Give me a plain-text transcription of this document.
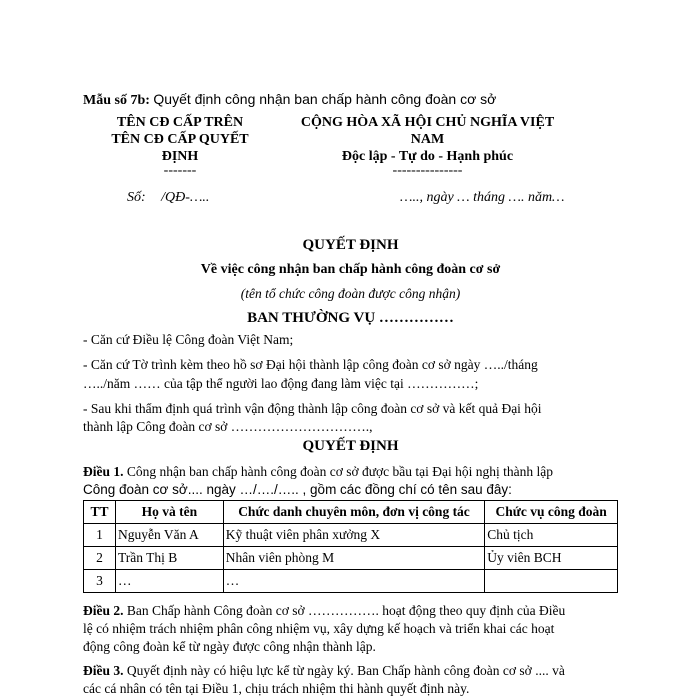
Mẫu số 7b: Quyết định công nhận ban chấp hành công đoàn cơ sở
TÊN CĐ CẤP TRÊN
TÊN CĐ CẤP QUYẾT
ĐỊNH
-------
CỘNG HÒA XÃ HỘI CHỦ NGHĨA VIỆT
NAM
Độc lập - Tự do - Hạnh phúc
---------------
Số: /QĐ-…..	….., ngày … tháng …. năm…
QUYẾT ĐỊNH
Về việc công nhận ban chấp hành công đoàn cơ sở
(tên tổ chức công đoàn được công nhận)
BAN THƯỜNG VỤ ……………
- Căn cứ Điều lệ Công đoàn Việt Nam;
- Căn cứ Tờ trình kèm theo hồ sơ Đại hội thành lập công đoàn cơ sở ngày …../tháng
…../năm …… của tập thể người lao động đang làm việc tại ……………;
- Sau khi thẩm định quá trình vận động thành lập công đoàn cơ sở và kết quả Đại hội
thành lập Công đoàn cơ sở ………………………….,
QUYẾT ĐỊNH
Điều 1. Công nhận ban chấp hành công đoàn cơ sở được bầu tại Đại hội nghị thành lập
Công đoàn cơ sở.... ngày …/…./….. , gồm các đồng chí có tên sau đây:
TT	Họ và tên	Chức danh chuyên môn, đơn vị công tác	Chức vụ công đoàn
1	Nguyễn Văn A	Kỹ thuật viên phân xưởng X	Chủ tịch
2	Trần Thị B	Nhân viên phòng M	Ủy viên BCH
3	…	…	
Điều 2. Ban Chấp hành Công đoàn cơ sở ……………. hoạt động theo quy định của Điều
lệ có nhiệm trách nhiệm phân công nhiệm vụ, xây dựng kế hoạch và triển khai các hoạt
động công đoàn kể từ ngày được công nhận thành lập.
Điều 3. Quyết định này có hiệu lực kể từ ngày ký. Ban Chấp hành công đoàn cơ sở .... và
các cá nhân có tên tại Điều 1, chịu trách nhiệm thi hành quyết định này.
